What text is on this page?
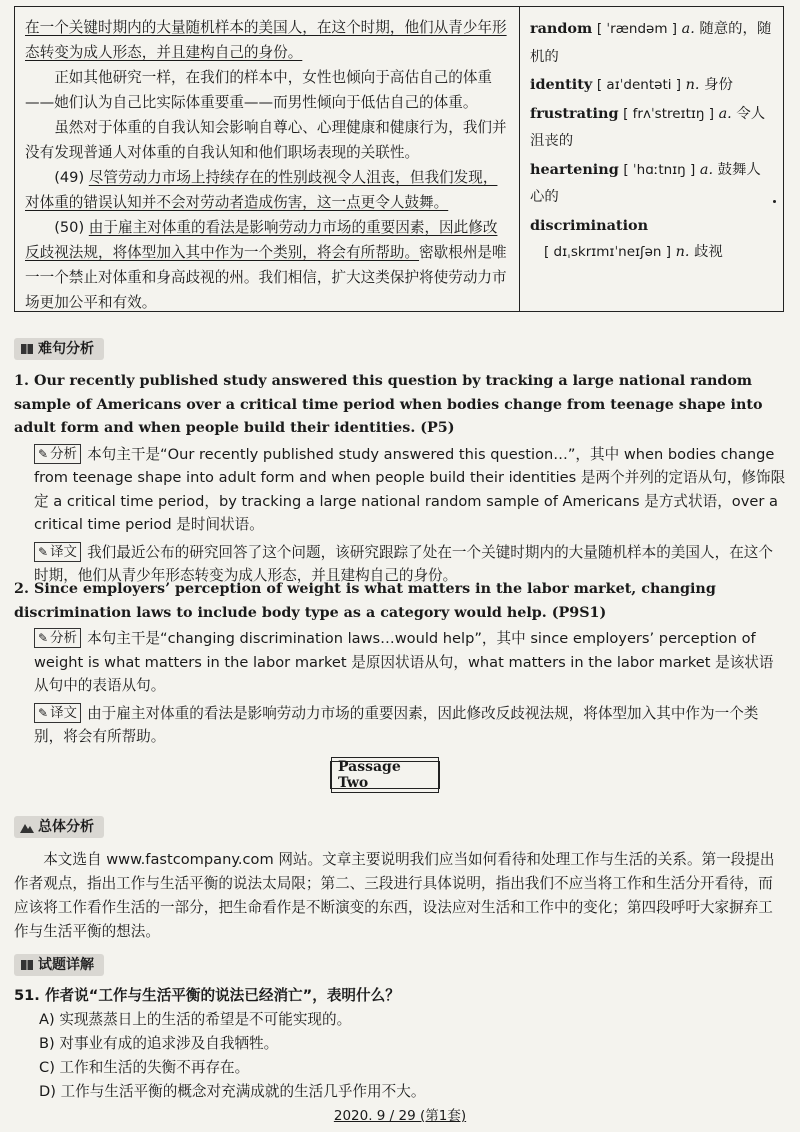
在一个关键时期内的大量随机样本的美国人，在这个时期，他们从青少年形态转变为成人形态，并且建构自己的身份。

正如其他研究一样，在我们的样本中，女性也倾向于高估自己的体重——她们认为自己比实际体重要重——而男性倾向于低估自己的体重。

虽然对于体重的自我认知会影响自尊心、心理健康和健康行为，我们并没有发现普通人对体重的自我认知和他们职场表现的关联性。

(49) 尽管劳动力市场上持续存在的性别歧视令人沮丧，但我们发现，对体重的错误认知并不会对劳动者造成伤害，这一点更令人鼓舞。

(50) 由于雇主对体重的看法是影响劳动力市场的重要因素，因此修改反歧视法规，将体型加入其中作为一个类别，将会有所帮助。密歇根州是唯一一个禁止对体重和身高歧视的州。我们相信，扩大这类保护将使劳动力市场更加公平和有效。

random [ ˈrændəm ] a. 随意的，随机的
identity [ aɪˈdentəti ] n. 身份
frustrating [ frʌˈstreɪtɪŋ ] a. 令人沮丧的
heartening [ ˈhɑːtnɪŋ ] a. 鼓舞人心的
discrimination
[ dɪˌskrɪmɪˈneɪʃən ] n. 歧视
难句分析
1. Our recently published study answered this question by tracking a large national random sample of Americans over a critical time period when bodies change from teenage shape into adult form and when people build their identities. (P5)
✎ 分析 本句主干是“Our recently published study answered this question…”，其中 when bodies change from teenage shape into adult form and when people build their identities 是两个并列的定语从句，修饰限定 a critical time period，by tracking a large national random sample of Americans 是方式状语，over a critical time period 是时间状语。
✎ 译文 我们最近公布的研究回答了这个问题，该研究跟踪了处在一个关键时期内的大量随机样本的美国人，在这个时期，他们从青少年形态转变为成人形态，并且建构自己的身份。
2. Since employers’ perception of weight is what matters in the labor market, changing discrimination laws to include body type as a category would help. (P9S1)
✎ 分析 本句主干是“changing discrimination laws…would help”，其中 since employers’ perception of weight is what matters in the labor market 是原因状语从句，what matters in the labor market 是该状语从句中的表语从句。
✎ 译文 由于雇主对体重的看法是影响劳动力市场的重要因素，因此修改反歧视法规，将体型加入其中作为一个类别，将会有所帮助。
Passage Two
总体分析
本文选自 www.fastcompany.com 网站。文章主要说明我们应当如何看待和处理工作与生活的关系。第一段提出作者观点，指出工作与生活平衡的说法太局限；第二、三段进行具体说明，指出我们不应当将工作和生活分开看待，而应该将工作看作生活的一部分，把生命看作是不断演变的东西，设法应对生活和工作中的变化；第四段呼吁大家摒弃工作与生活平衡的想法。
试题详解
51. 作者说“工作与生活平衡的说法已经消亡”，表明什么？
A) 实现蒸蒸日上的生活的希望是不可能实现的。
B) 对事业有成的追求涉及自我牺牲。
C) 工作和生活的失衡不再存在。
D) 工作与生活平衡的概念对充满成就的生活几乎作用不大。
2020. 9 / 29 (第1套)
